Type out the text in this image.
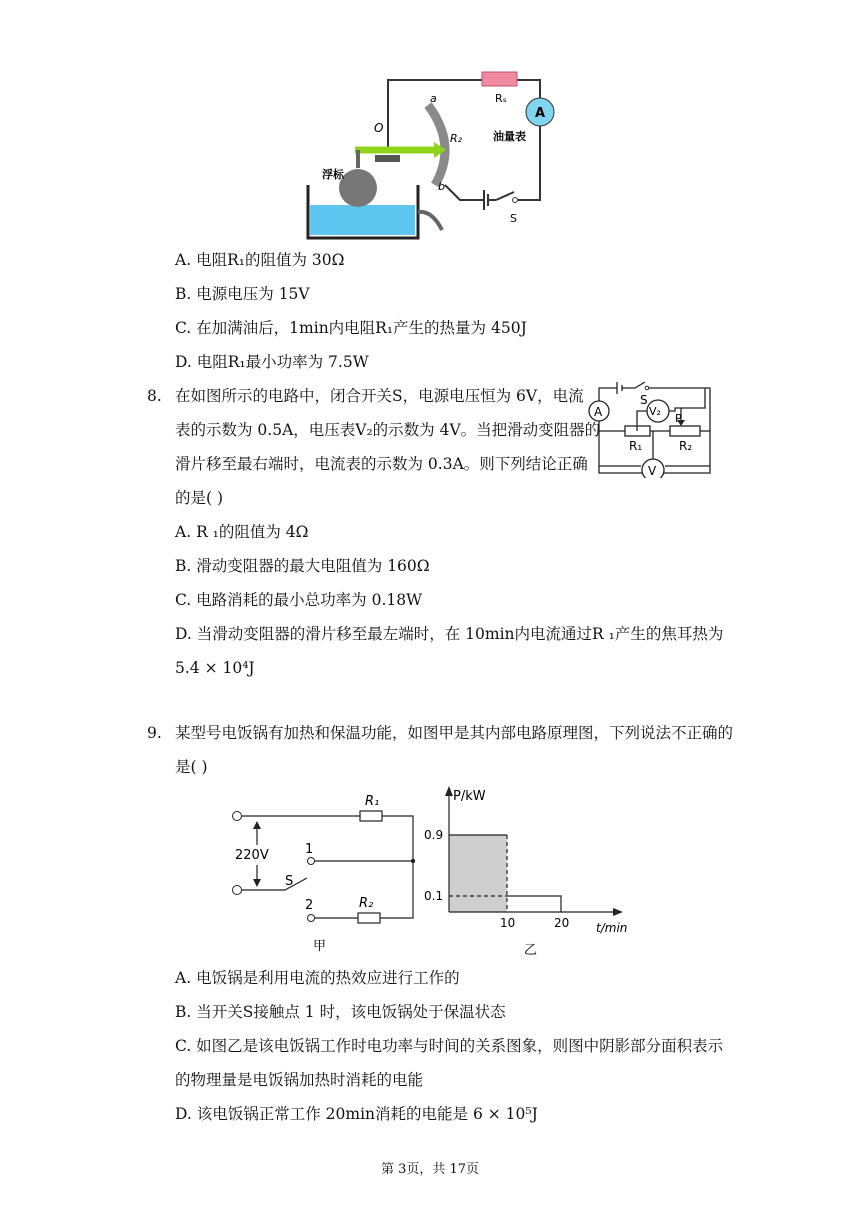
Rₛ
A
油量表
a
R₂
b
O
浮标
S
A. 电阻R₁的阻值为 30Ω
B. 电源电压为 15V
C. 在加满油后，1min内电阻R₁产生的热量为 450J
D. 电阻R₁最小功率为 7.5W
8. 在如图所示的电路中，闭合开关S，电源电压恒为 6V，电流
表的示数为 0.5A，电压表V₂的示数为 4V。当把滑动变阻器的
滑片移至最右端时，电流表的示数为 0.3A。则下列结论正确
的是( )
A	V₂
V
S
P
R₁	R₂
A. R ₁的阻值为 4Ω
B. 滑动变阻器的最大电阻值为 160Ω
C. 电路消耗的最小总功率为 0.18W
D. 当滑动变阻器的滑片移至最左端时，在 10min内电流通过R ₁产生的焦耳热为
5.4 × 10⁴J
9. 某型号电饭锅有加热和保温功能，如图甲是其内部电路原理图，下列说法不正确的
是( )
220V
S
1
2
R₁
R₂
甲
P/kW
0.9
0.1
10	20 t/min
乙
A. 电饭锅是利用电流的热效应进行工作的
B. 当开关S接触点 1 时，该电饭锅处于保温状态
C. 如图乙是该电饭锅工作时电功率与时间的关系图象，则图中阴影部分面积表示
的物理量是电饭锅加热时消耗的电能
D. 该电饭锅正常工作 20min消耗的电能是 6 × 10⁵J
第 3页，共 17页
